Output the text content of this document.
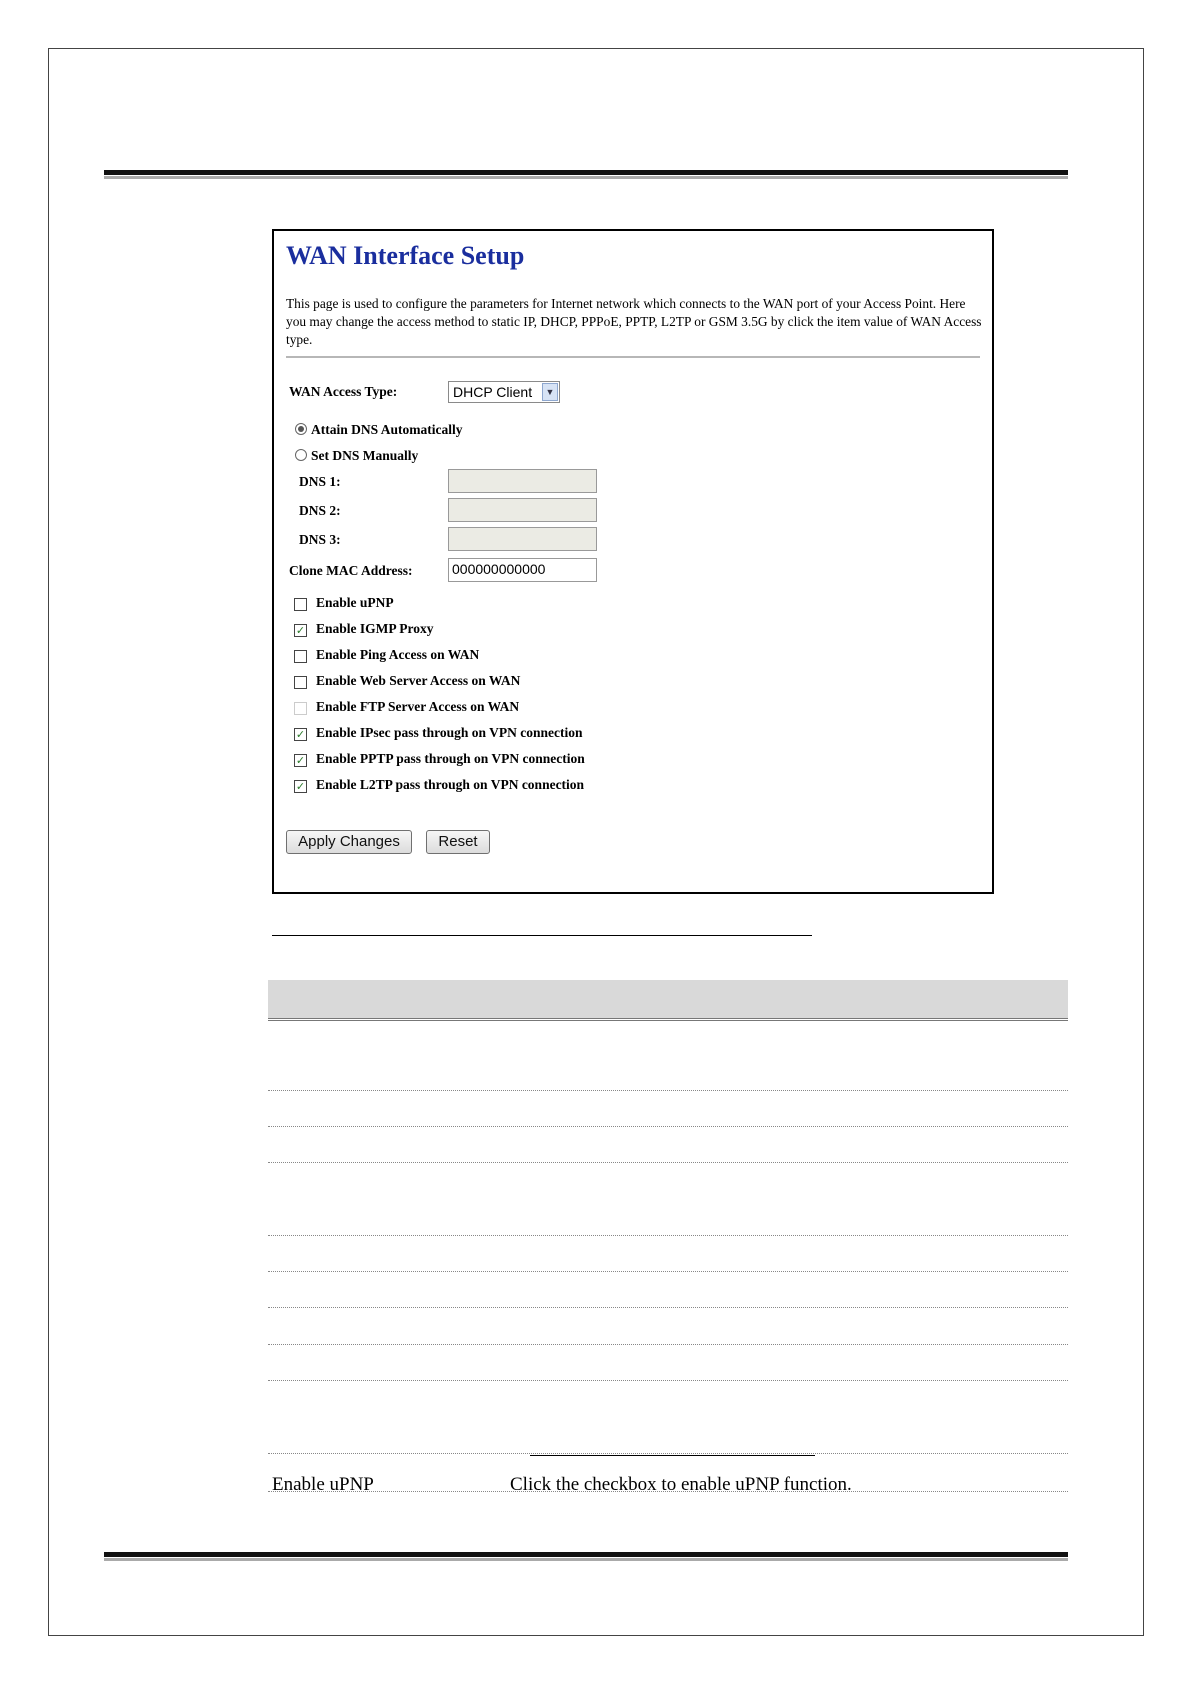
WAN Interface Setup

This page is used to configure the parameters for Internet network which connects to the WAN port of your Access Point. Here you may change the access method to static IP, DHCP, PPPoE, PPTP, L2TP or GSM 3.5G by click the item value of WAN Access type.

WAN Access Type:	DHCP Client	▼
Attain DNS Automatically
Set DNS Manually
DNS 1:
DNS 2:
DNS 3:
Clone MAC Address:	000000000000
Enable uPNP
✓ Enable IGMP Proxy
Enable Ping Access on WAN
Enable Web Server Access on WAN
Enable FTP Server Access on WAN
✓ Enable IPsec pass through on VPN connection
✓ Enable PPTP pass through on VPN connection
✓ Enable L2TP pass through on VPN connection
Apply Changes	Reset
Enable uPNP	Click the checkbox to enable uPNP function.
